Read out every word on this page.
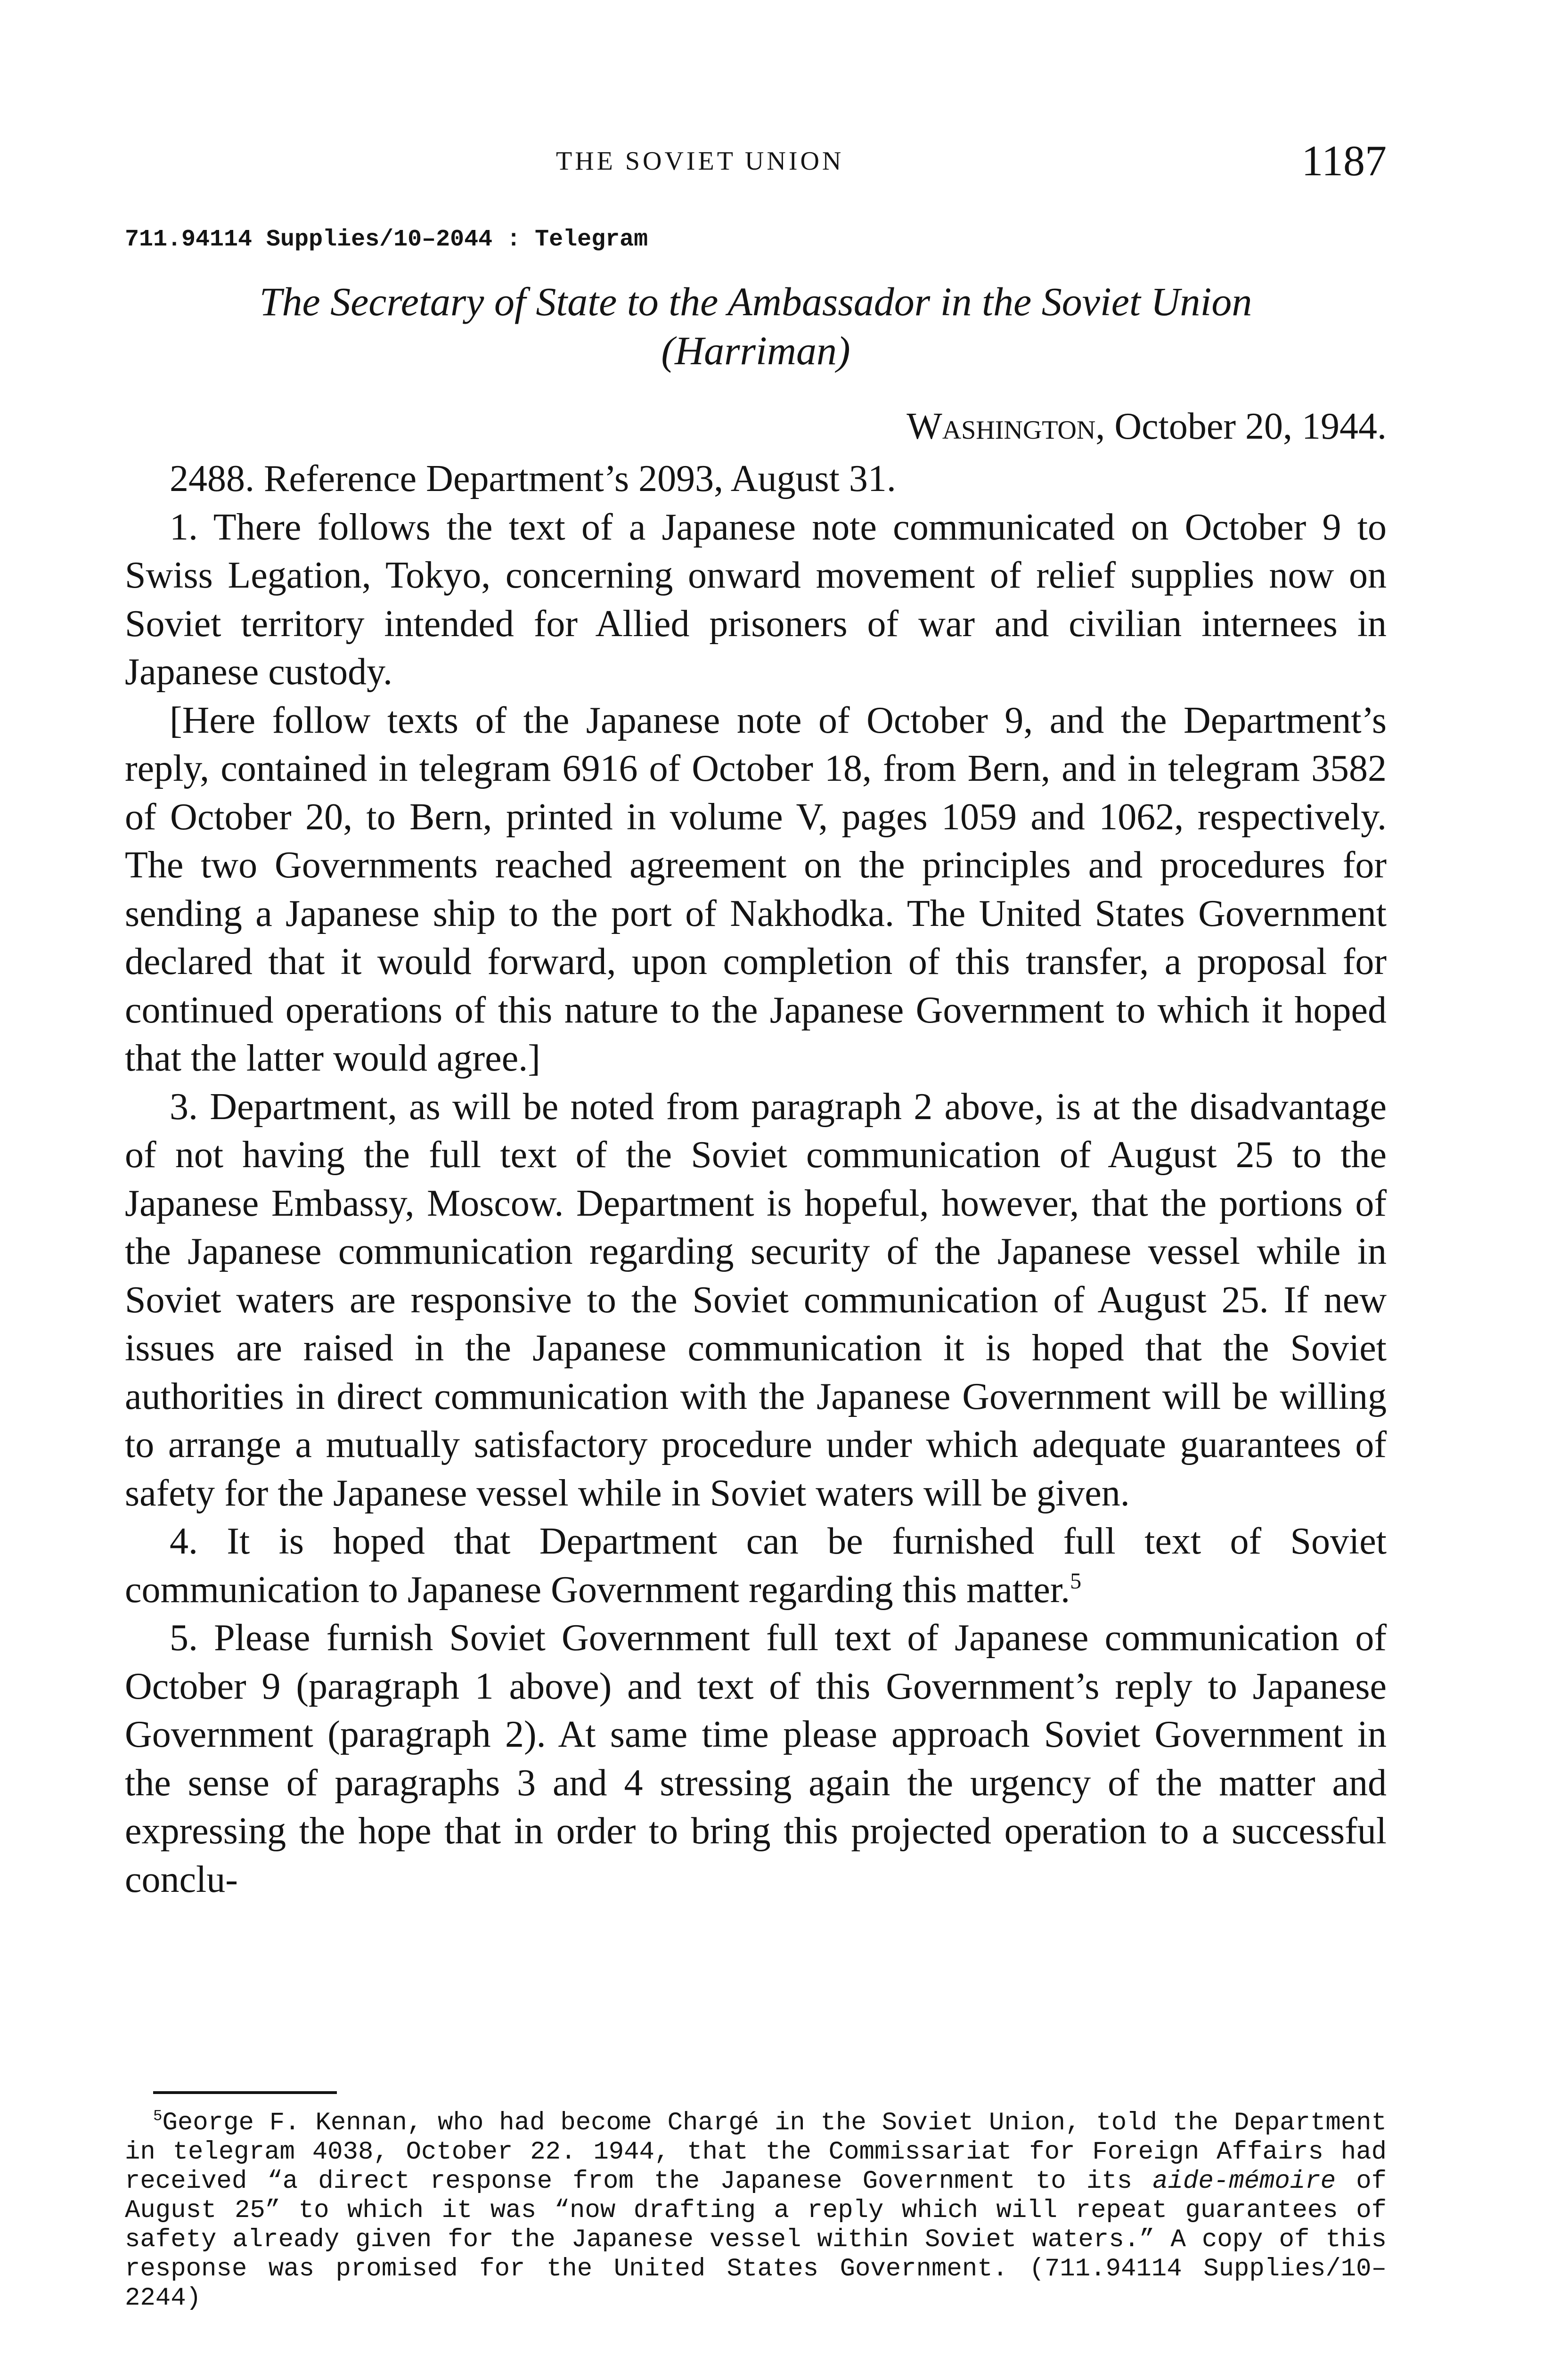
THE SOVIET UNION	1187
711.94114 Supplies/10–2044 : Telegram
The Secretary of State to the Ambassador in the Soviet Union
(Harriman)
Washington, October 20, 1944.

2488. Reference Department’s 2093, August 31.

1. There follows the text of a Japanese note communicated on October 9 to Swiss Legation, Tokyo, concerning onward movement of relief supplies now on Soviet territory intended for Allied prisoners of war and civilian internees in Japanese custody.

[Here follow texts of the Japanese note of October 9, and the Department’s reply, contained in telegram 6916 of October 18, from Bern, and in telegram 3582 of October 20, to Bern, printed in volume V, pages 1059 and 1062, respectively. The two Governments reached agreement on the principles and procedures for sending a Japanese ship to the port of Nakhodka. The United States Government declared that it would forward, upon completion of this transfer, a proposal for continued operations of this nature to the Japanese Government to which it hoped that the latter would agree.]

3. Department, as will be noted from paragraph 2 above, is at the disadvantage of not having the full text of the Soviet communication of August 25 to the Japanese Embassy, Moscow. Department is hopeful, however, that the portions of the Japanese communication regarding security of the Japanese vessel while in Soviet waters are responsive to the Soviet communication of August 25. If new issues are raised in the Japanese communication it is hoped that the Soviet authorities in direct communication with the Japanese Government will be willing to arrange a mutually satisfactory procedure under which adequate guarantees of safety for the Japanese vessel while in Soviet waters will be given.

4. It is hoped that Department can be furnished full text of Soviet communication to Japanese Government regarding this matter.$^5$

5. Please furnish Soviet Government full text of Japanese communication of October 9 (paragraph 1 above) and text of this Government’s reply to Japanese Government (paragraph 2). At same time please approach Soviet Government in the sense of paragraphs 3 and 4 stressing again the urgency of the matter and expressing the hope that in order to bring this projected operation to a successful conclu-

$^5$George F. Kennan, who had become Chargé in the Soviet Union, told the Department in telegram 4038, October 22. 1944, that the Commissariat for Foreign Affairs had received “a direct response from the Japanese Government to its aide-mémoire of August 25” to which it was “now drafting a reply which will repeat guarantees of safety already given for the Japanese vessel within Soviet waters.” A copy of this response was promised for the United States Government. (711.94114 Supplies/10–2244)
